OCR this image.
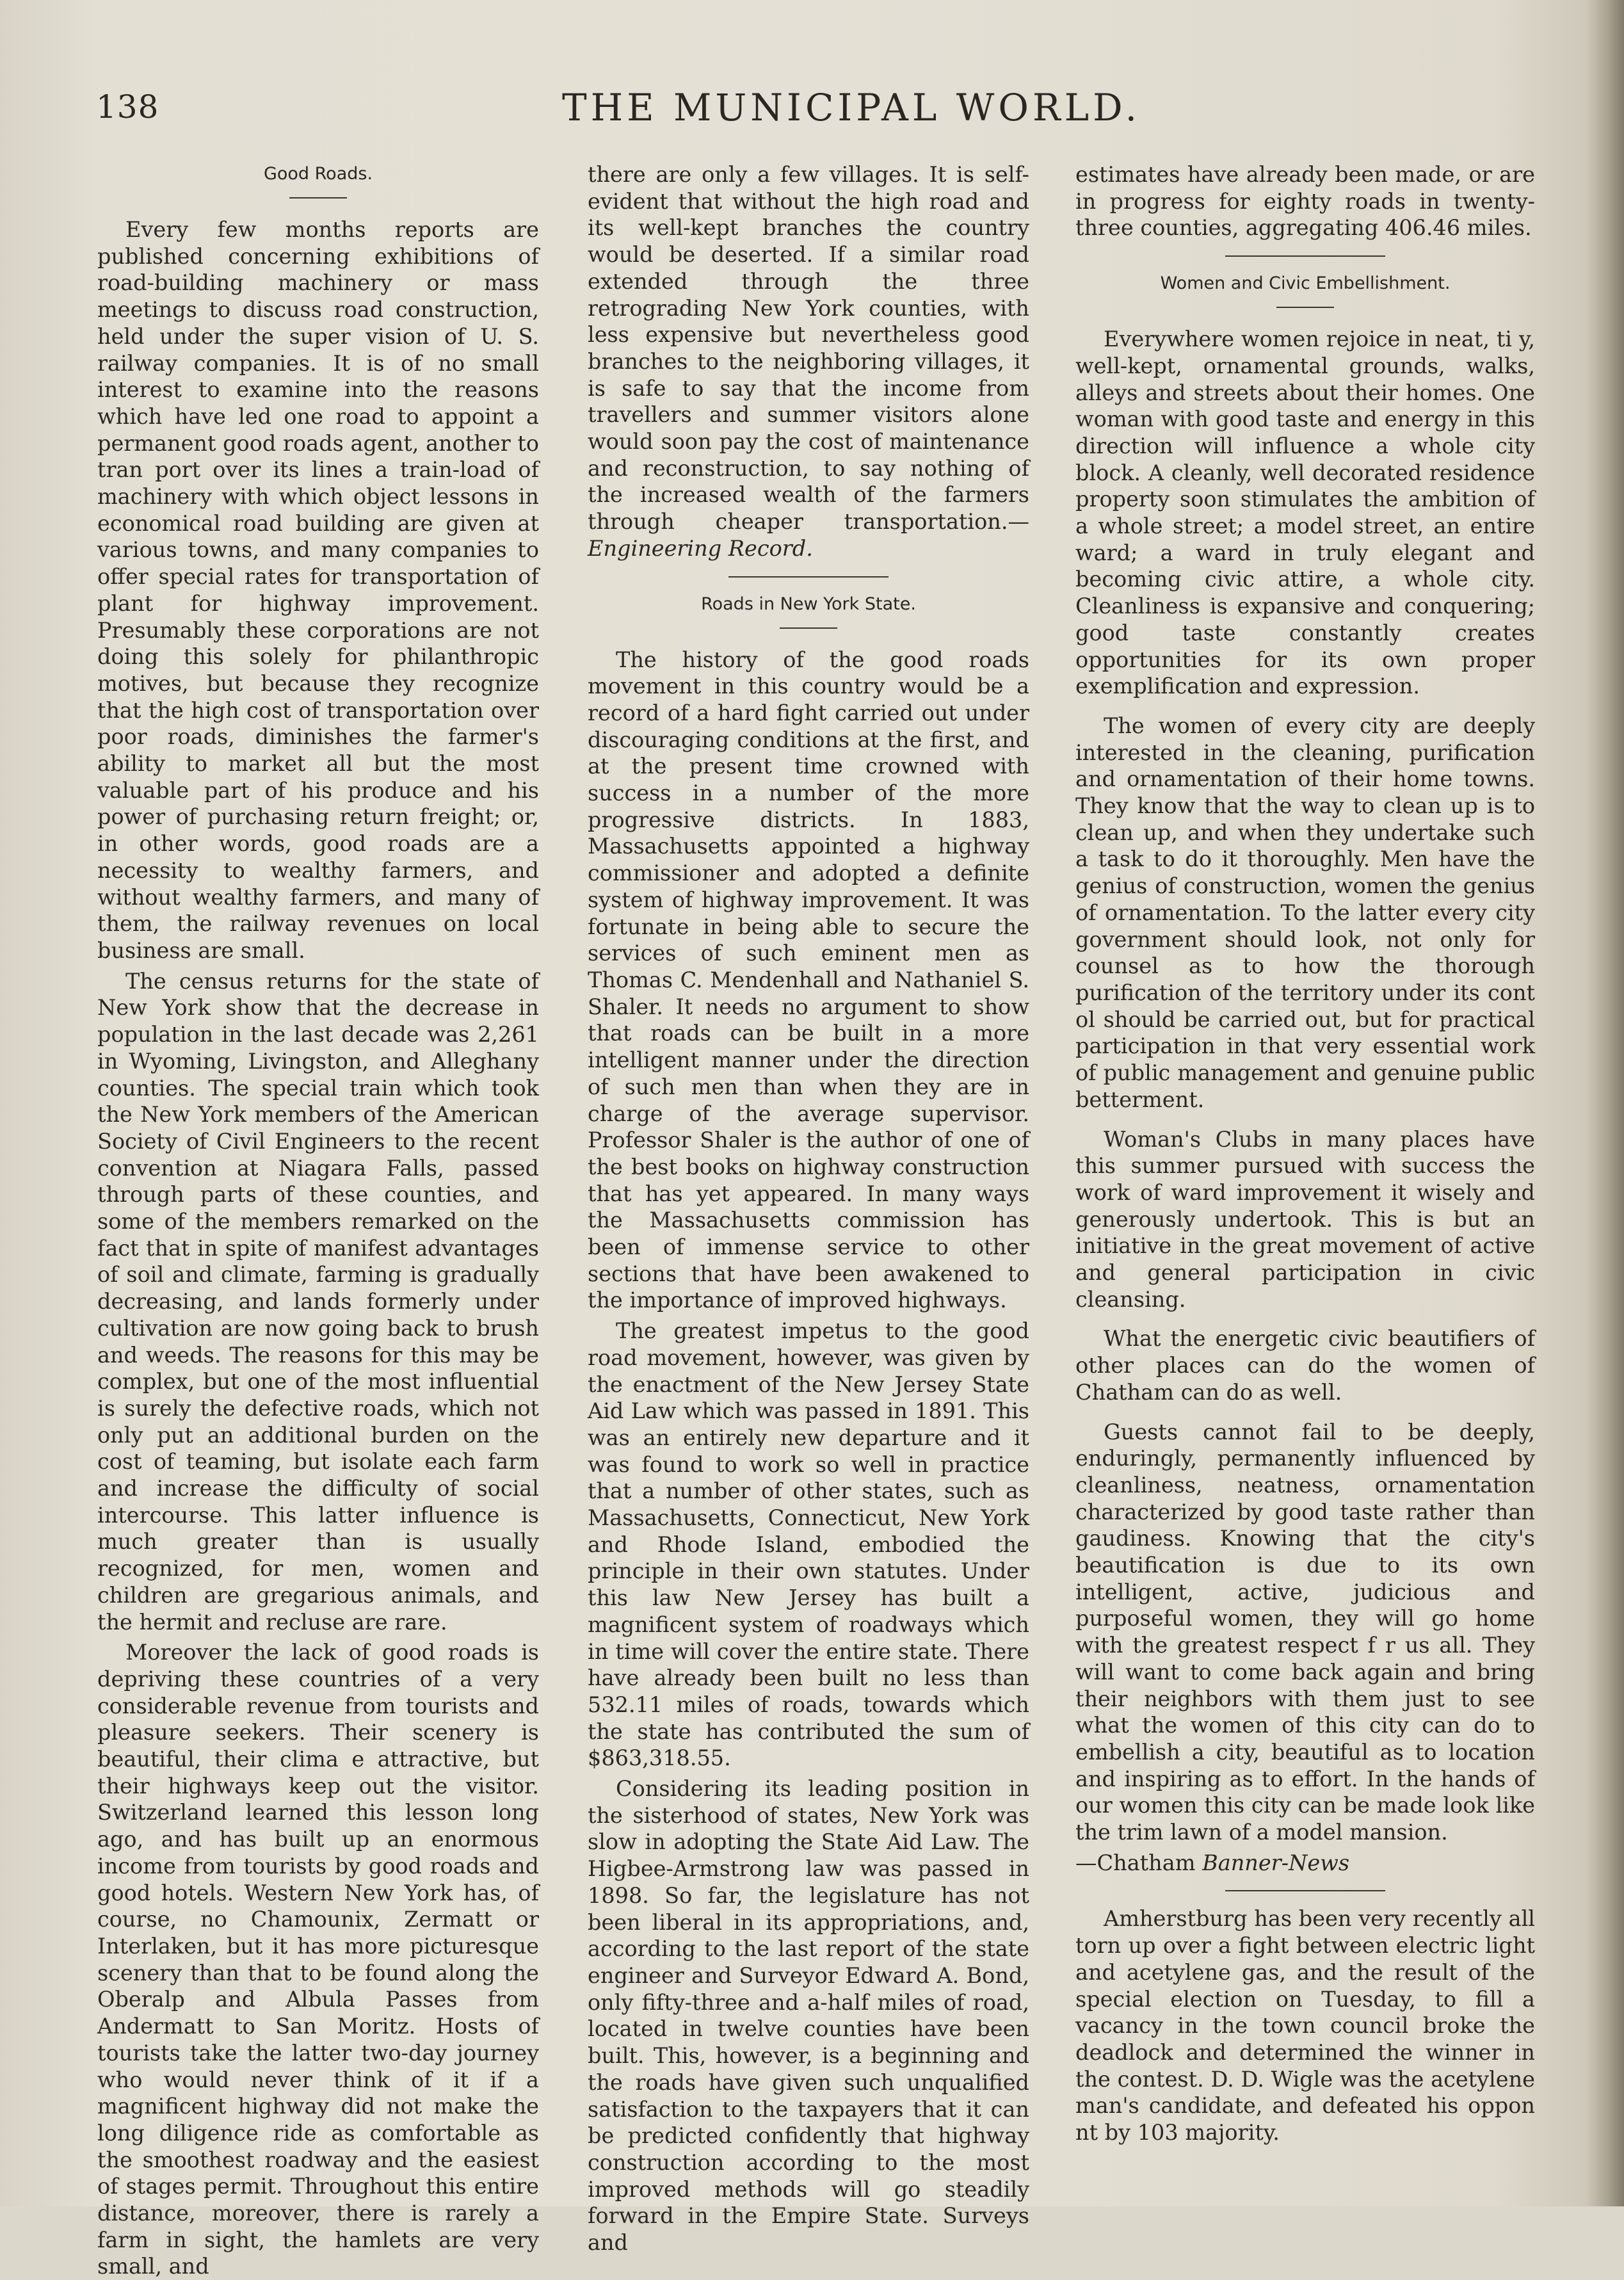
138	THE MUNICIPAL WORLD.
Good Roads.

Every few months reports are published concerning exhibitions of road-building machinery or mass meetings to discuss road construction, held under the super vision of U. S. railway companies. It is of no small interest to examine into the reasons which have led one road to appoint a permanent good roads agent, another to tran port over its lines a train-load of machinery with which object lessons in economical road building are given at various towns, and many companies to offer special rates for transportation of plant for highway improvement. Presumably these corporations are not doing this solely for philanthropic motives, but because they recognize that the high cost of transportation over poor roads, diminishes the farmer's ability to market all but the most valuable part of his produce and his power of purchasing return freight; or, in other words, good roads are a necessity to wealthy farmers, and without wealthy farmers, and many of them, the railway revenues on local business are small.

The census returns for the state of New York show that the decrease in population in the last decade was 2,261 in Wyoming, Livingston, and Alleghany counties. The special train which took the New York members of the American Society of Civil Engineers to the recent convention at Niagara Falls, passed through parts of these counties, and some of the members remarked on the fact that in spite of manifest advantages of soil and climate, farming is gradually decreasing, and lands formerly under cultivation are now going back to brush and weeds. The reasons for this may be complex, but one of the most influential is surely the defective roads, which not only put an additional burden on the cost of teaming, but isolate each farm and increase the difficulty of social intercourse. This latter influence is much greater than is usually recognized, for men, women and children are gregarious animals, and the hermit and recluse are rare.

Moreover the lack of good roads is depriving these countries of a very considerable revenue from tourists and pleasure seekers. Their scenery is beautiful, their clima e attractive, but their highways keep out the visitor. Switzerland learned this lesson long ago, and has built up an enormous income from tourists by good roads and good hotels. Western New York has, of course, no Chamounix, Zermatt or Interlaken, but it has more picturesque scenery than that to be found along the Oberalp and Albula Passes from Andermatt to San Moritz. Hosts of tourists take the latter two-day journey who would never think of it if a magnificent highway did not make the long diligence ride as comfortable as the smoothest roadway and the easiest of stages permit. Throughout this entire distance, moreover, there is rarely a farm in sight, the hamlets are very small, and

there are only a few villages. It is self-evident that without the high road and its well-kept branches the country would be deserted. If a similar road extended through the three retrograding New York counties, with less expensive but nevertheless good branches to the neighboring villages, it is safe to say that the income from travellers and summer visitors alone would soon pay the cost of maintenance and reconstruction, to say nothing of the increased wealth of the farmers through cheaper transportation.—Engineering Record.

Roads in New York State.

The history of the good roads movement in this country would be a record of a hard fight carried out under discouraging conditions at the first, and at the present time crowned with success in a number of the more progressive districts. In 1883, Massachusetts appointed a highway commissioner and adopted a definite system of highway improvement. It was fortunate in being able to secure the services of such eminent men as Thomas C. Mendenhall and Nathaniel S. Shaler. It needs no argument to show that roads can be built in a more intelligent manner under the direction of such men than when they are in charge of the average supervisor. Professor Shaler is the author of one of the best books on highway construction that has yet appeared. In many ways the Massachusetts commission has been of immense service to other sections that have been awakened to the importance of improved highways.

The greatest impetus to the good road movement, however, was given by the enactment of the New Jersey State Aid Law which was passed in 1891. This was an entirely new departure and it was found to work so well in practice that a number of other states, such as Massachusetts, Connecticut, New York and Rhode Island, embodied the principle in their own statutes. Under this law New Jersey has built a magnificent system of roadways which in time will cover the entire state. There have already been built no less than 532.11 miles of roads, towards which the state has contributed the sum of $863,318.55.

Considering its leading position in the sisterhood of states, New York was slow in adopting the State Aid Law. The Higbee-Armstrong law was passed in 1898. So far, the legislature has not been liberal in its appropriations, and, according to the last report of the state engineer and Surveyor Edward A. Bond, only fifty-three and a-half miles of road, located in twelve counties have been built. This, however, is a beginning and the roads have given such unqualified satisfaction to the taxpayers that it can be predicted confidently that highway construction according to the most improved methods will go steadily forward in the Empire State. Surveys and

estimates have already been made, or are in progress for eighty roads in twenty-three counties, aggregating 406.46 miles.

Women and Civic Embellishment.

Everywhere women rejoice in neat, ti y, well-kept, ornamental grounds, walks, alleys and streets about their homes. One woman with good taste and energy in this direction will influence a whole city block. A cleanly, well decorated residence property soon stimulates the ambition of a whole street; a model street, an entire ward; a ward in truly elegant and becoming civic attire, a whole city. Cleanliness is expansive and conquering; good taste constantly creates opportunities for its own proper exemplification and expression.

The women of every city are deeply interested in the cleaning, purification and ornamentation of their home towns. They know that the way to clean up is to clean up, and when they undertake such a task to do it thoroughly. Men have the genius of construction, women the genius of ornamentation. To the latter every city government should look, not only for counsel as to how the thorough purification of the territory under its cont ol should be carried out, but for practical participation in that very essential work of public management and genuine public betterment.

Woman's Clubs in many places have this summer pursued with success the work of ward improvement it wisely and generously undertook. This is but an initiative in the great movement of active and general participation in civic cleansing.

What the energetic civic beautifiers of other places can do the women of Chatham can do as well.

Guests cannot fail to be deeply, enduringly, permanently influenced by cleanliness, neatness, ornamentation characterized by good taste rather than gaudiness. Knowing that the city's beautification is due to its own intelligent, active, judicious and purposeful women, they will go home with the greatest respect f r us all. They will want to come back again and bring their neighbors with them just to see what the women of this city can do to embellish a city, beautiful as to location and inspiring as to effort. In the hands of our women this city can be made look like the trim lawn of a model mansion.

—Chatham Banner-News

Amherstburg has been very recently all torn up over a fight between electric light and acetylene gas, and the result of the special election on Tuesday, to fill a vacancy in the town council broke the deadlock and determined the winner in the contest. D. D. Wigle was the acetylene man's candidate, and defeated his oppon nt by 103 majority.
